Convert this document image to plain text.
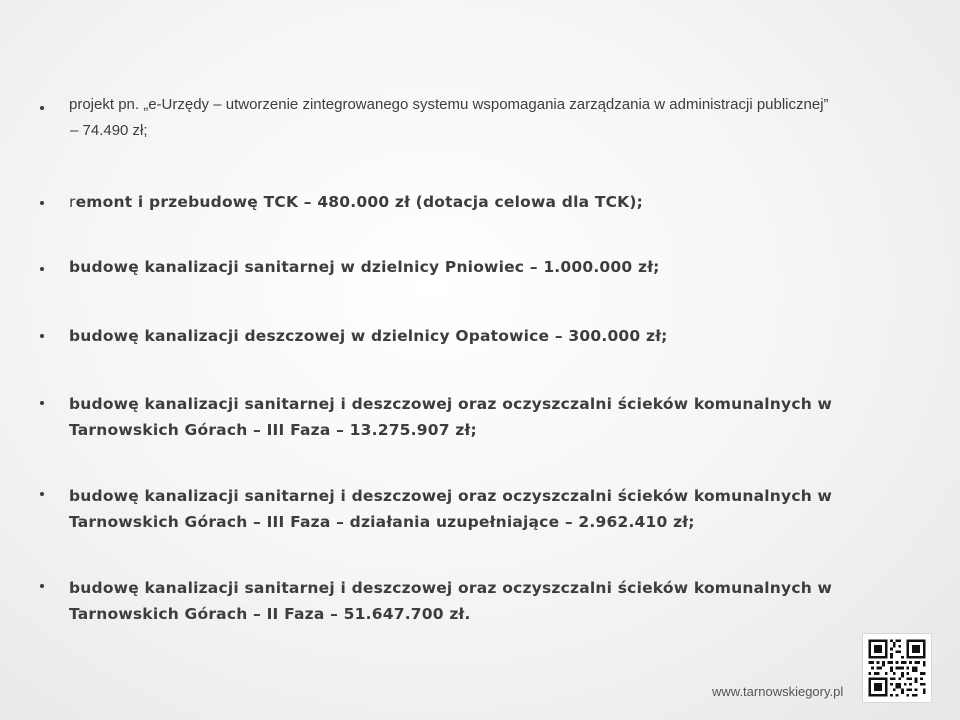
projekt pn. „e-Urzędy – utworzenie zintegrowanego systemu wspomagania zarządzania w administracji publicznej”
– 74.490 zł;
remont i przebudowę TCK – 480.000 zł (dotacja celowa dla TCK);
budowę kanalizacji sanitarnej w dzielnicy Pniowiec – 1.000.000 zł;
budowę kanalizacji deszczowej w dzielnicy Opatowice – 300.000 zł;
budowę kanalizacji sanitarnej i deszczowej oraz oczyszczalni ścieków komunalnych w
Tarnowskich Górach – III Faza – 13.275.907 zł;
budowę kanalizacji sanitarnej i deszczowej oraz oczyszczalni ścieków komunalnych w
Tarnowskich Górach – III Faza – działania uzupełniające – 2.962.410 zł;
budowę kanalizacji sanitarnej i deszczowej oraz oczyszczalni ścieków komunalnych w
Tarnowskich Górach – II Faza – 51.647.700 zł.
www.tarnowskiegory.pl
